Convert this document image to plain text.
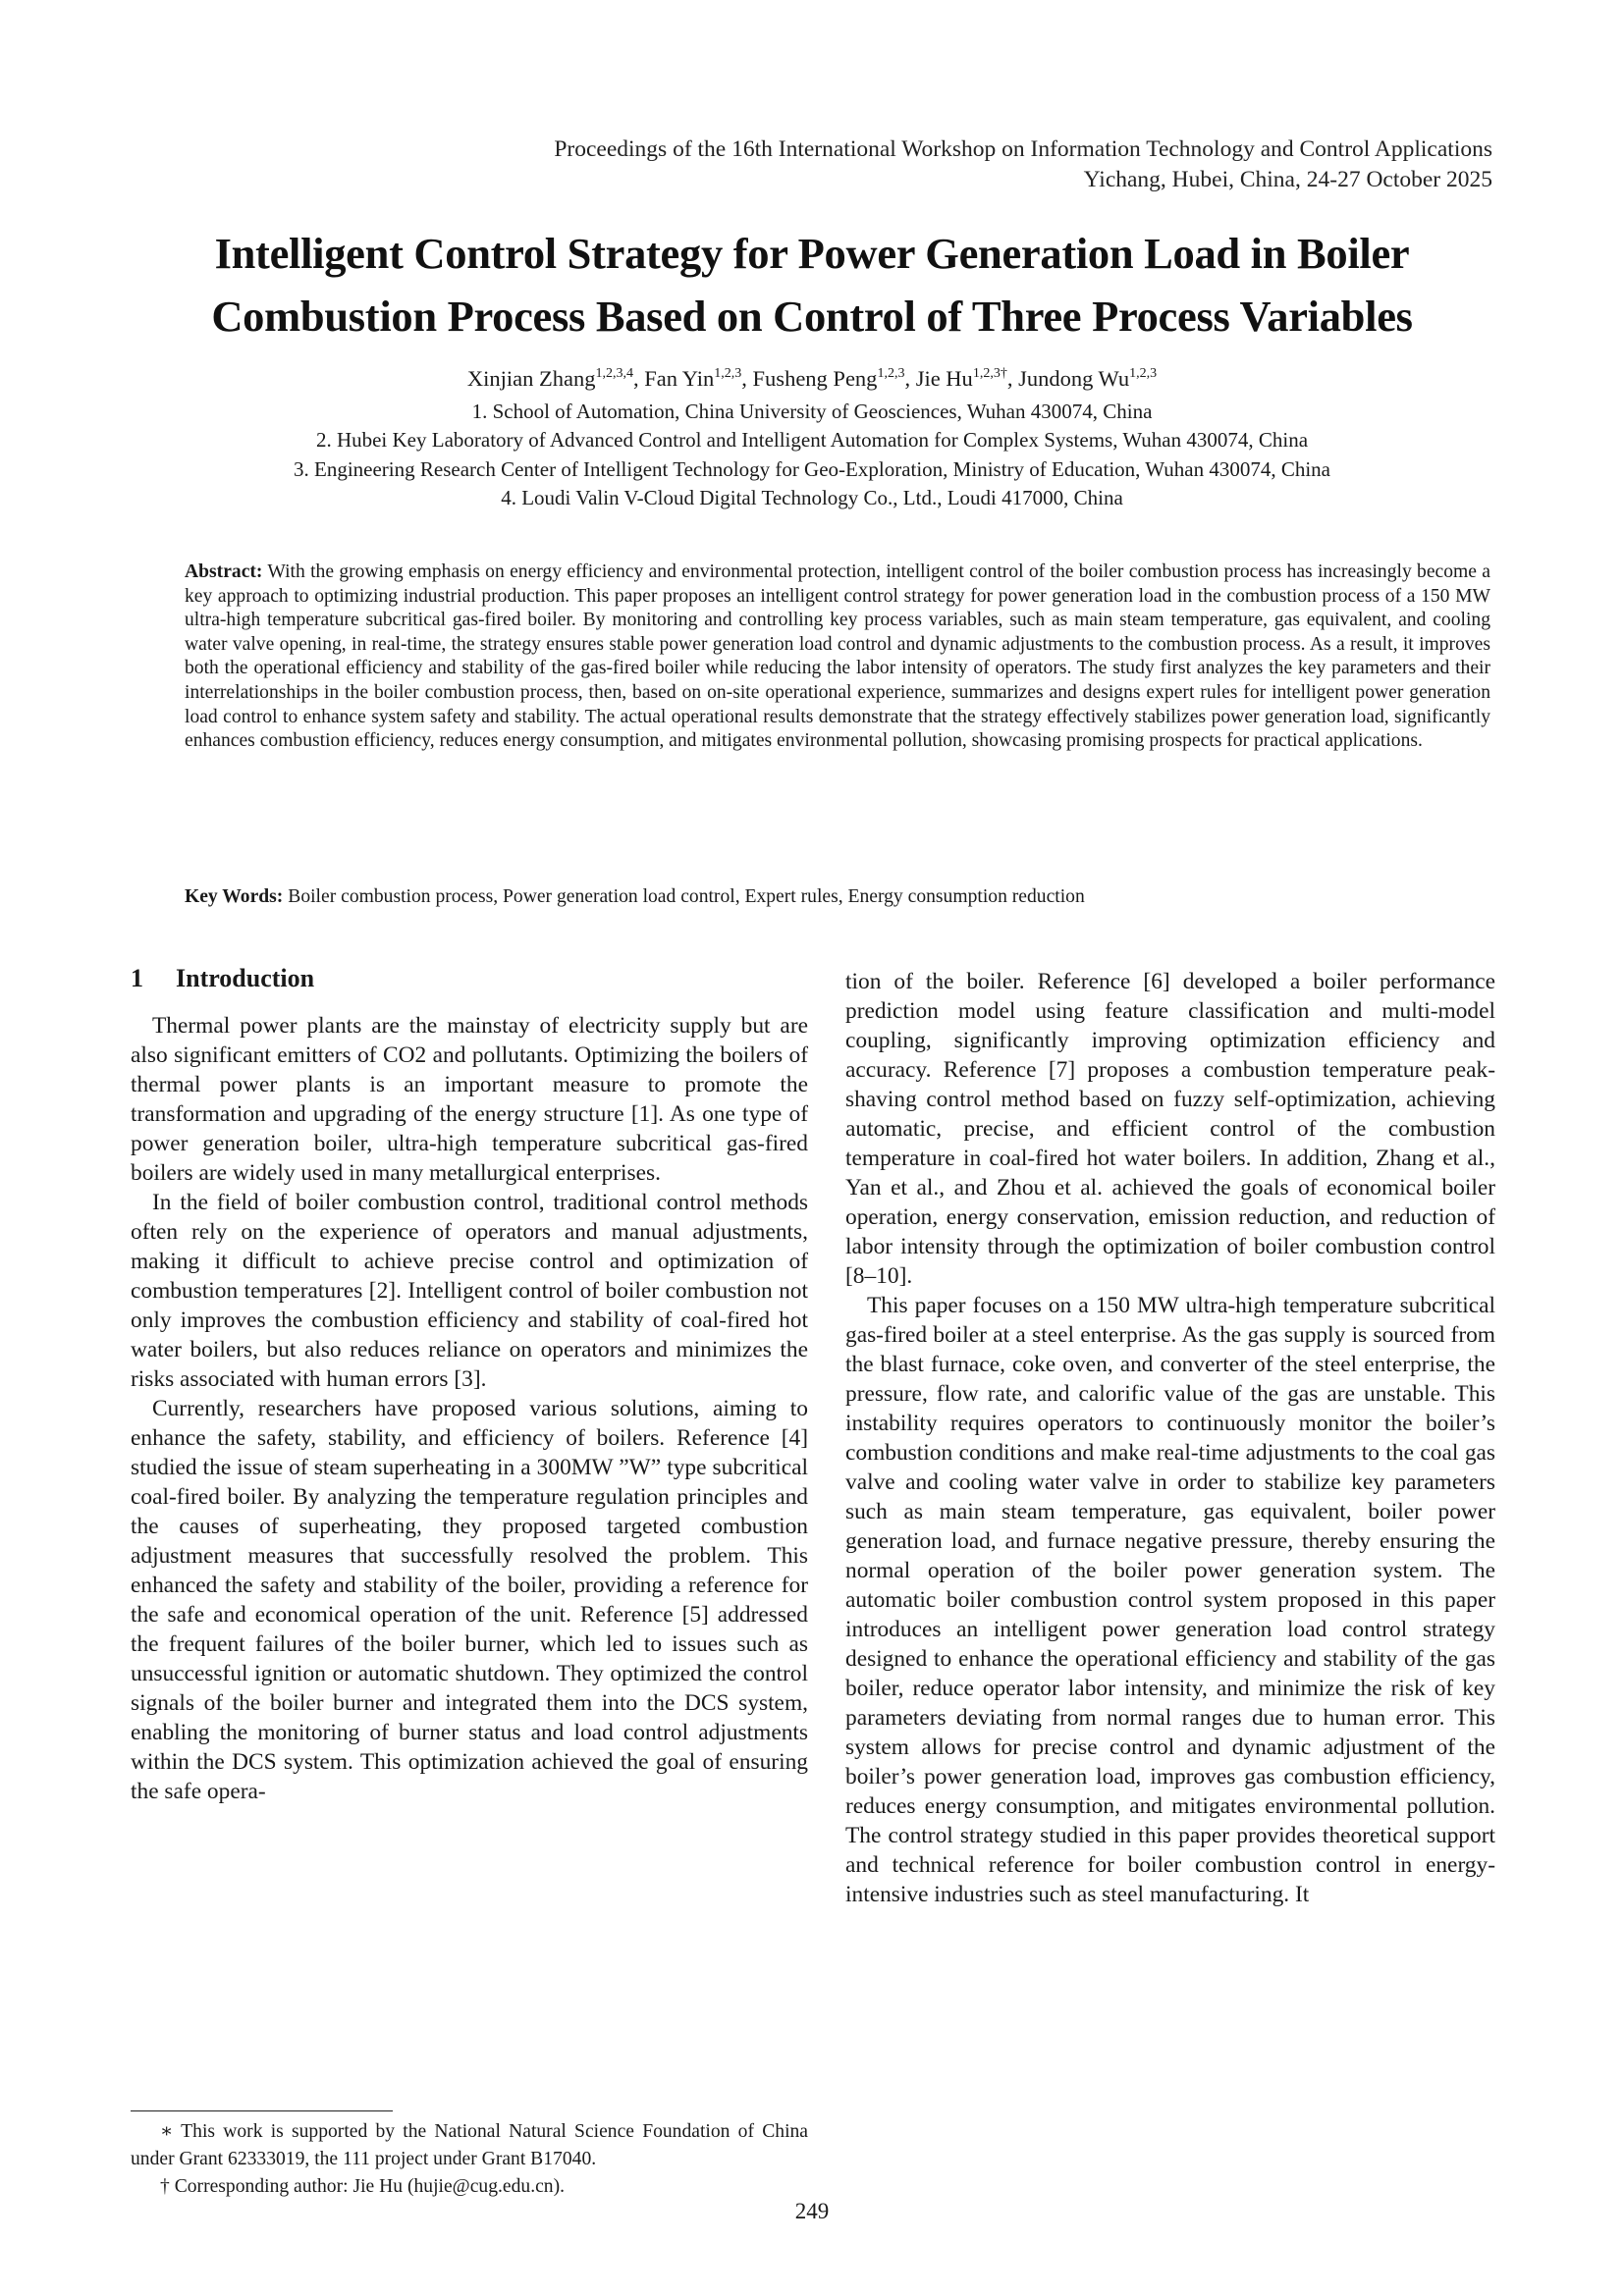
Proceedings of the 16th International Workshop on Information Technology and Control Applications
Yichang, Hubei, China, 24-27 October 2025
Intelligent Control Strategy for Power Generation Load in Boiler
Combustion Process Based on Control of Three Process Variables
Xinjian Zhang$^{1,2,3,4}$, Fan Yin$^{1,2,3}$, Fusheng Peng$^{1,2,3}$, Jie $Hu^{1,2,3\dagger}$, Jundong Wu$^{1,2,3}$
1. School of Automation, China University of Geosciences, Wuhan 430074, China
2. Hubei Key Laboratory of Advanced Control and Intelligent Automation for Complex Systems, Wuhan 430074, China
3. Engineering Research Center of Intelligent Technology for Geo-Exploration, Ministry of Education, Wuhan 430074, China
4. Loudi Valin V-Cloud Digital Technology Co., Ltd., Loudi 417000, China
Abstract: With the growing emphasis on energy efficiency and environmental protection, intelligent control of the boiler combustion process has increasingly become a key approach to optimizing industrial production. This paper proposes an intelligent control strategy for power generation load in the combustion process of a 150 MW ultra-high temperature subcritical gas-fired boiler. By monitoring and controlling key process variables, such as main steam temperature, gas equivalent, and cooling water valve opening, in real-time, the strategy ensures stable power generation load control and dynamic adjustments to the combustion process. As a result, it improves both the operational efficiency and stability of the gas-fired boiler while reducing the labor intensity of operators. The study first analyzes the key parameters and their interrelationships in the boiler combustion process, then, based on on-site operational experience, summarizes and designs expert rules for intelligent power generation load control to enhance system safety and stability. The actual operational results demonstrate that the strategy effectively stabilizes power generation load, significantly enhances combustion efficiency, reduces energy consumption, and mitigates environmental pollution, showcasing promising prospects for practical applications.
Key Words: Boiler combustion process, Power generation load control, Expert rules, Energy consumption reduction
1 Introduction

Thermal power plants are the mainstay of electricity supply but are also significant emitters of CO2 and pollutants. Optimizing the boilers of thermal power plants is an important measure to promote the transformation and upgrading of the energy structure [1]. As one type of power generation boiler, ultra-high temperature subcritical gas-fired boilers are widely used in many metallurgical enterprises.

In the field of boiler combustion control, traditional control methods often rely on the experience of operators and manual adjustments, making it difficult to achieve precise control and optimization of combustion temperatures [2]. Intelligent control of boiler combustion not only improves the combustion efficiency and stability of coal-fired hot water boilers, but also reduces reliance on operators and minimizes the risks associated with human errors [3].

Currently, researchers have proposed various solutions, aiming to enhance the safety, stability, and efficiency of boilers. Reference [4] studied the issue of steam superheating in a 300MW ”W” type subcritical coal-fired boiler. By analyzing the temperature regulation principles and the causes of superheating, they proposed targeted combustion adjustment measures that successfully resolved the problem. This enhanced the safety and stability of the boiler, providing a reference for the safe and economical operation of the unit. Reference [5] addressed the frequent failures of the boiler burner, which led to issues such as unsuccessful ignition or automatic shutdown. They optimized the control signals of the boiler burner and integrated them into the DCS system, enabling the monitoring of burner status and load control adjustments within the DCS system. This optimization achieved the goal of ensuring the safe opera-

tion of the boiler. Reference [6] developed a boiler performance prediction model using feature classification and multi-model coupling, significantly improving optimization efficiency and accuracy. Reference [7] proposes a combustion temperature peak-shaving control method based on fuzzy self-optimization, achieving automatic, precise, and efficient control of the combustion temperature in coal-fired hot water boilers. In addition, Zhang et al., Yan et al., and Zhou et al. achieved the goals of economical boiler operation, energy conservation, emission reduction, and reduction of labor intensity through the optimization of boiler combustion control [8–10].

This paper focuses on a 150 MW ultra-high temperature subcritical gas-fired boiler at a steel enterprise. As the gas supply is sourced from the blast furnace, coke oven, and converter of the steel enterprise, the pressure, flow rate, and calorific value of the gas are unstable. This instability requires operators to continuously monitor the boiler’s combustion conditions and make real-time adjustments to the coal gas valve and cooling water valve in order to stabilize key parameters such as main steam temperature, gas equivalent, boiler power generation load, and furnace negative pressure, thereby ensuring the normal operation of the boiler power generation system. The automatic boiler combustion control system proposed in this paper introduces an intelligent power generation load control strategy designed to enhance the operational efficiency and stability of the gas boiler, reduce operator labor intensity, and minimize the risk of key parameters deviating from normal ranges due to human error. This system allows for precise control and dynamic adjustment of the boiler’s power generation load, improves gas combustion efficiency, reduces energy consumption, and mitigates environmental pollution. The control strategy studied in this paper provides theoretical support and technical reference for boiler combustion control in energy-intensive industries such as steel manufacturing. It

∗ This work is supported by the National Natural Science Foundation of China under Grant 62333019, the 111 project under Grant B17040.

† Corresponding author: Jie Hu (hujie@cug.edu.cn).

249
